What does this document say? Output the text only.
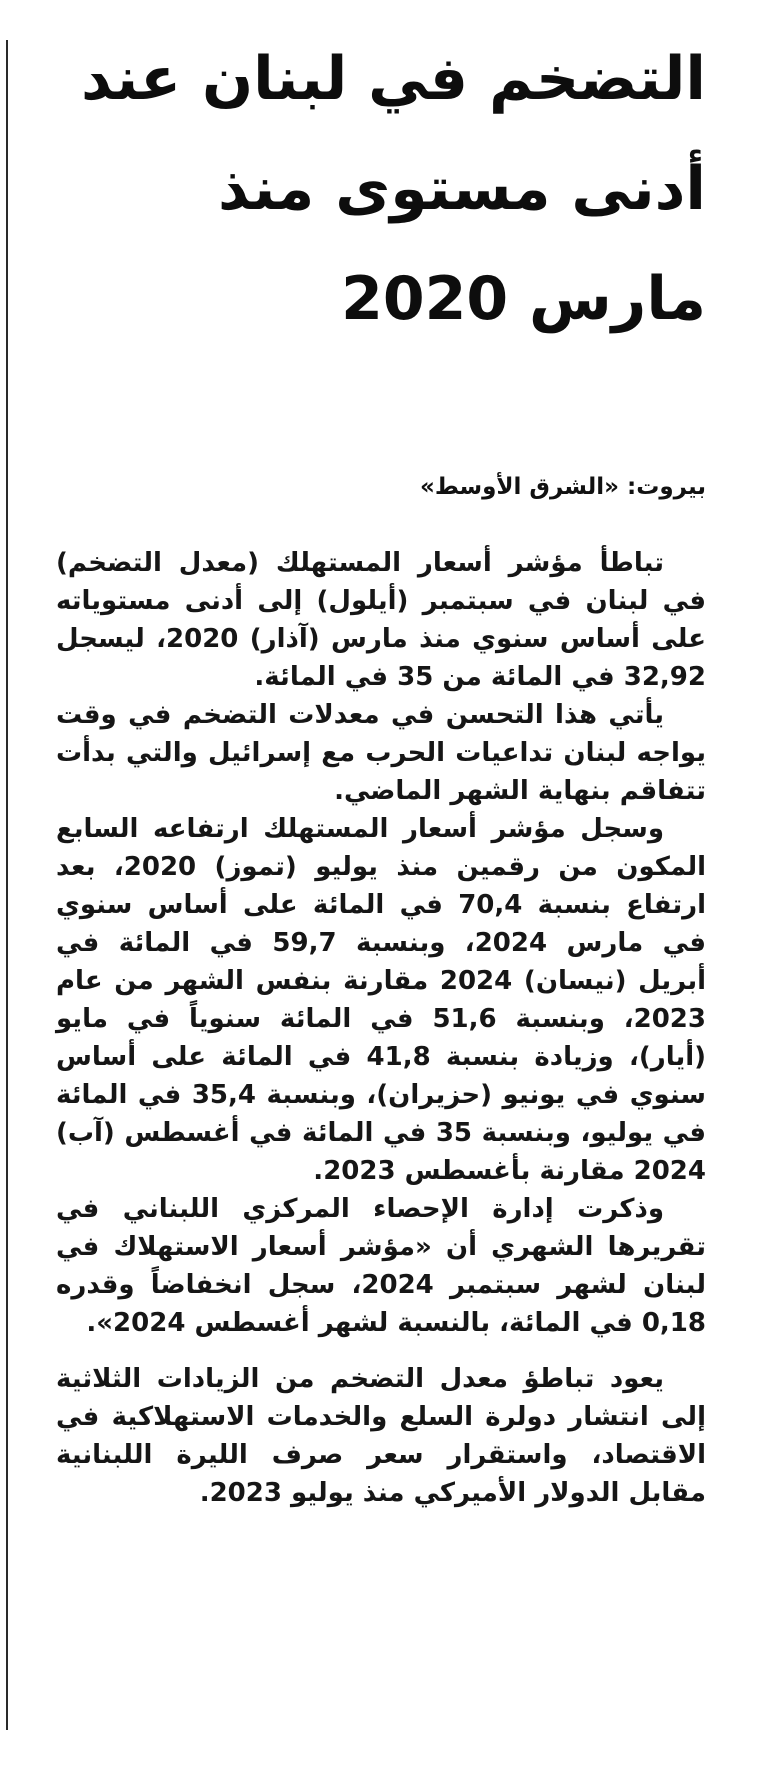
التضخم في لبنان عند أدنى مستوى منذ مارس 2020
بيروت: «الشرق الأوسط»

تباطأ مؤشر أسعار المستهلك (معدل التضخم) في لبنان في سبتمبر (أيلول) إلى أدنى مستوياته على أساس سنوي منذ مارس (آذار) 2020، ليسجل 32,92 في المائة من 35 في المائة.

يأتي هذا التحسن في معدلات التضخم في وقت يواجه لبنان تداعيات الحرب مع إسرائيل والتي بدأت تتفاقم بنهاية الشهر الماضي.

وسجل مؤشر أسعار المستهلك ارتفاعه السابع المكون من رقمين منذ يوليو (تموز) 2020، بعد ارتفاع بنسبة 70,4 في المائة على أساس سنوي في مارس 2024، وبنسبة 59,7 في المائة في أبريل (نيسان) 2024 مقارنة بنفس الشهر من عام 2023، وبنسبة 51,6 في المائة سنوياً في مايو (أيار)، وزيادة بنسبة 41,8 في المائة على أساس سنوي في يونيو (حزيران)، وبنسبة 35,4 في المائة في يوليو، وبنسبة 35 في المائة في أغسطس (آب) 2024 مقارنة بأغسطس 2023.

وذكرت إدارة الإحصاء المركزي اللبناني في تقريرها الشهري أن «مؤشر أسعار الاستهلاك في لبنان لشهر سبتمبر 2024، سجل انخفاضاً وقدره 0,18 في المائة، بالنسبة لشهر أغسطس 2024».

يعود تباطؤ معدل التضخم من الزيادات الثلاثية إلى انتشار دولرة السلع والخدمات الاستهلاكية في الاقتصاد، واستقرار سعر صرف الليرة اللبنانية مقابل الدولار الأميركي منذ يوليو 2023.
